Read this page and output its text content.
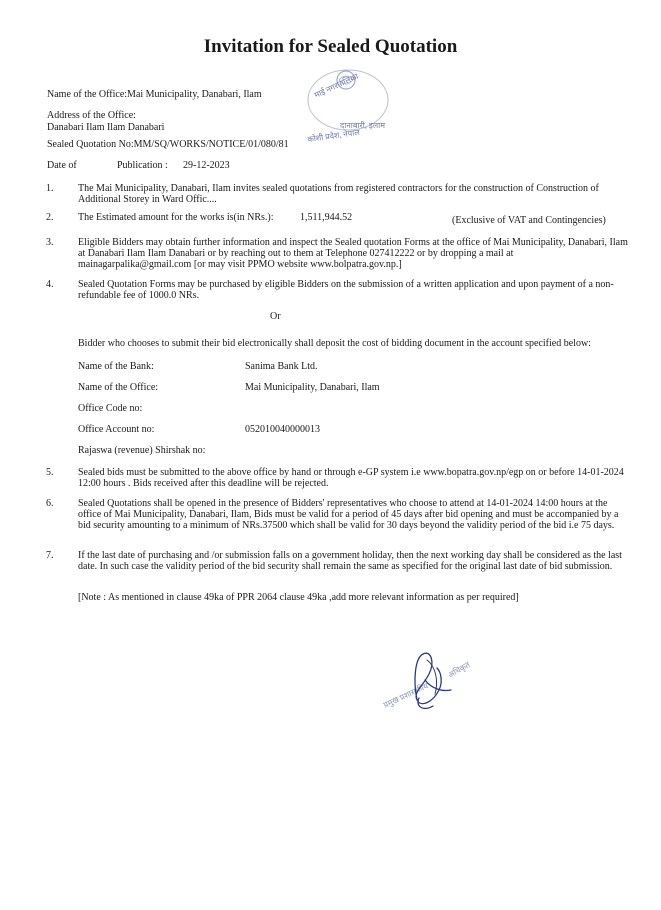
Invitation for Sealed Quotation
Name of the Office:Mai Municipality, Danabari, Ilam
Address of the Office:
Danabari Ilam Ilam Danabari
Sealed Quotation No:MM/SQ/WORKS/NOTICE/01/080/81
Date of	Publication : 29-12-2023
माई नगरपालिका
दानाबारी, इलाम
कोशी प्रदेश, नेपाल
1. The Mai Municipality, Danabari, Ilam invites sealed quotations from registered contractors for the construction of Construction of Additional Storey in Ward Offic....
2. The Estimated amount for the works is(in NRs.):	1,511,944.52	(Exclusive of VAT and Contingencies)
3. Eligible Bidders may obtain further information and inspect the Sealed quotation Forms at the office of Mai Municipality, Danabari, Ilam at Danabari Ilam Ilam Danabari or by reaching out to them at Telephone 027412222 or by dropping a mail at mainagarpalika@gmail.com [or may visit PPMO website www.bolpatra.gov.np.]
4. Sealed Quotation Forms may be purchased by eligible Bidders on the submission of a written application and upon payment of a non-refundable fee of 1000.0 NRs.
Or
Bidder who chooses to submit their bid electronically shall deposit the cost of bidding document in the account specified below:
Name of the Bank:	Sanima Bank Ltd.
Name of the Office:	Mai Municipality, Danabari, Ilam
Office Code no:
Office Account no:	052010040000013
Rajaswa (revenue) Shirshak no:
5. Sealed bids must be submitted to the above office by hand or through e-GP system i.e www.bopatra.gov.np/egp on or before 14-01-2024 12:00 hours . Bids received after this deadline will be rejected.
6. Sealed Quotations shall be opened in the presence of Bidders' representatives who choose to attend at 14-01-2024 14:00 hours at the office of Mai Municipality, Danabari, Ilam, Bids must be valid for a period of 45 days after bid opening and must be accompanied by a bid security amounting to a minimum of NRs.37500 which shall be valid for 30 days beyond the validity period of the bid i.e 75 days.
7. If the last date of purchasing and /or submission falls on a government holiday, then the next working day shall be considered as the last date. In such case the validity period of the bid security shall remain the same as specified for the original last date of bid submission.
[Note : As mentioned in clause 49ka of PPR 2064 clause 49ka ,add more relevant information as per required]
प्रमुख प्रशासकीय
अधिकृत
